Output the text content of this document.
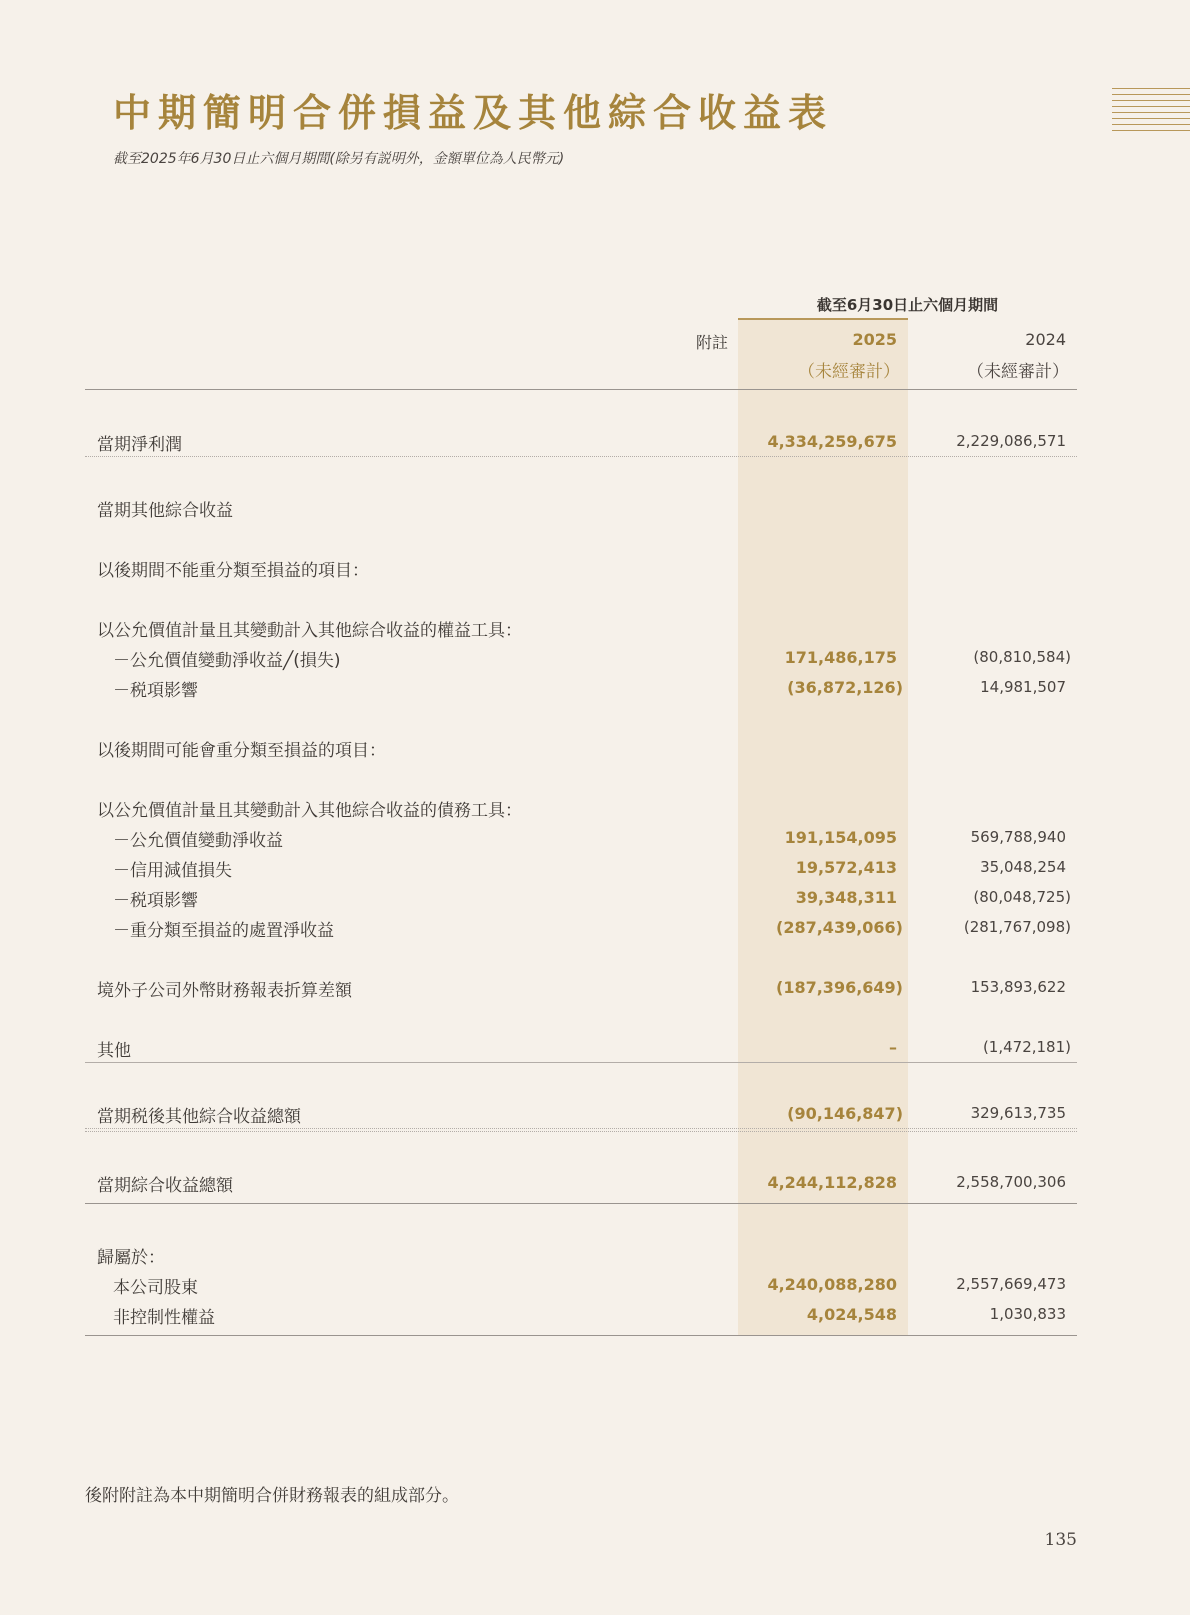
中期簡明合併損益及其他綜合收益表
截至2025年6月30日止六個月期間(除另有説明外，金額單位為人民幣元)
截至6月30日止六個月期間
附註	2025	2024
（未經審計）	（未經審計）
當期淨利潤	4,334,259,675	2,229,086,571
當期其他綜合收益
以後期間不能重分類至損益的項目：
以公允價值計量且其變動計入其他綜合收益的權益工具：
－公允價值變動淨收益╱(損失)	171,486,175	(80,810,584)
－税項影響	(36,872,126)	14,981,507
以後期間可能會重分類至損益的項目：
以公允價值計量且其變動計入其他綜合收益的債務工具：
－公允價值變動淨收益	191,154,095	569,788,940
－信用減值損失	19,572,413	35,048,254
－税項影響	39,348,311	(80,048,725)
－重分類至損益的處置淨收益	(287,439,066)	(281,767,098)
境外子公司外幣財務報表折算差額	(187,396,649)	153,893,622
其他	–	(1,472,181)
當期税後其他綜合收益總額	(90,146,847)	329,613,735
當期綜合收益總額	4,244,112,828	2,558,700,306
歸屬於：
本公司股東	4,240,088,280	2,557,669,473
非控制性權益	4,024,548	1,030,833
後附附註為本中期簡明合併財務報表的組成部分。
135
